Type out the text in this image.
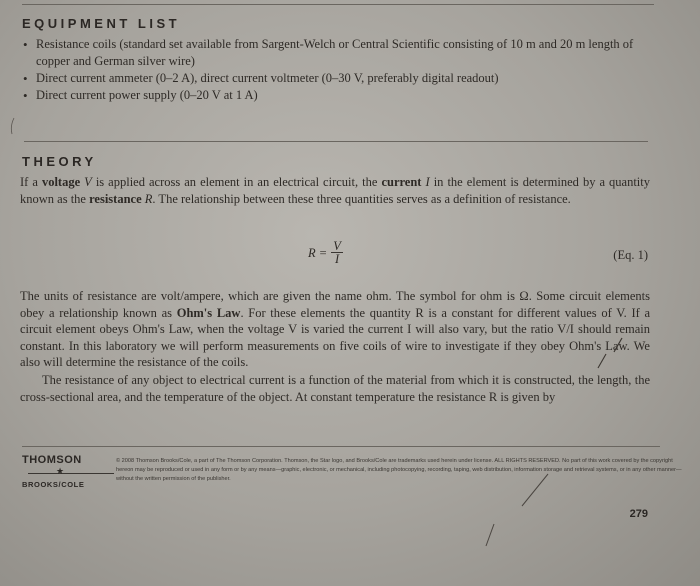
EQUIPMENT LIST
• Resistance coils (standard set available from Sargent-Welch or Central Scientific consisting of 10 m and 20 m length of copper and German silver wire)
• Direct current ammeter (0–2 A), direct current voltmeter (0–30 V, preferably digital readout)
• Direct current power supply (0–20 V at 1 A)
THEORY
If a voltage V is applied across an element in an electrical circuit, the current I in the element is determined by a quantity known as the resistance R. The relationship between these three quantities serves as a definition of resistance.
$R = \frac{V}{I}$	(Eq. 1)
The units of resistance are volt/ampere, which are given the name ohm. The symbol for ohm is Ω. Some circuit elements obey a relationship known as Ohm's Law. For these elements the quantity R is a constant for different values of V. If a circuit element obeys Ohm's Law, when the voltage V is varied the current I will also vary, but the ratio V/I should remain constant. In this laboratory we will perform measurements on five coils of wire to investigate if they obey Ohm's Law. We also will determine the resistance of the coils.
The resistance of any object to electrical current is a function of the material from which it is constructed, the length, the cross-sectional area, and the temperature of the object. At constant temperature the resistance R is given by
THOMSON
★
BROOKS/COLE
© 2008 Thomson Brooks/Cole, a part of The Thomson Corporation. Thomson, the Star logo, and Brooks/Cole are trademarks used herein under license. ALL RIGHTS RESERVED. No part of this work covered by the copyright hereon may be reproduced or used in any form or by any means—graphic, electronic, or mechanical, including photocopying, recording, taping, web distribution, information storage and retrieval systems, or in any other manner—without the written permission of the publisher.
279
